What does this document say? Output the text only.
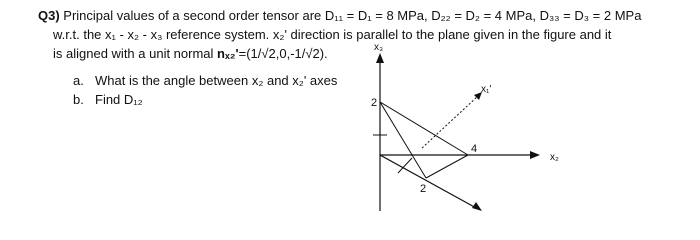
Q3) Principal values of a second order tensor are D₁₁ = D₁ = 8 MPa, D₂₂ = D₂ = 4 MPa, D₃₃ = D₃ = 2 MPa
w.r.t. the x₁ - x₂ - x₃ reference system. x₂' direction is parallel to the plane given in the figure and it
is aligned with a unit normal nₓ₂'=(1/√2,0,-1/√2).
a. What is the angle between x₂ and x₂' axes
b. Find D₁₂
x₃
x₂
x₁'
2
4
2
